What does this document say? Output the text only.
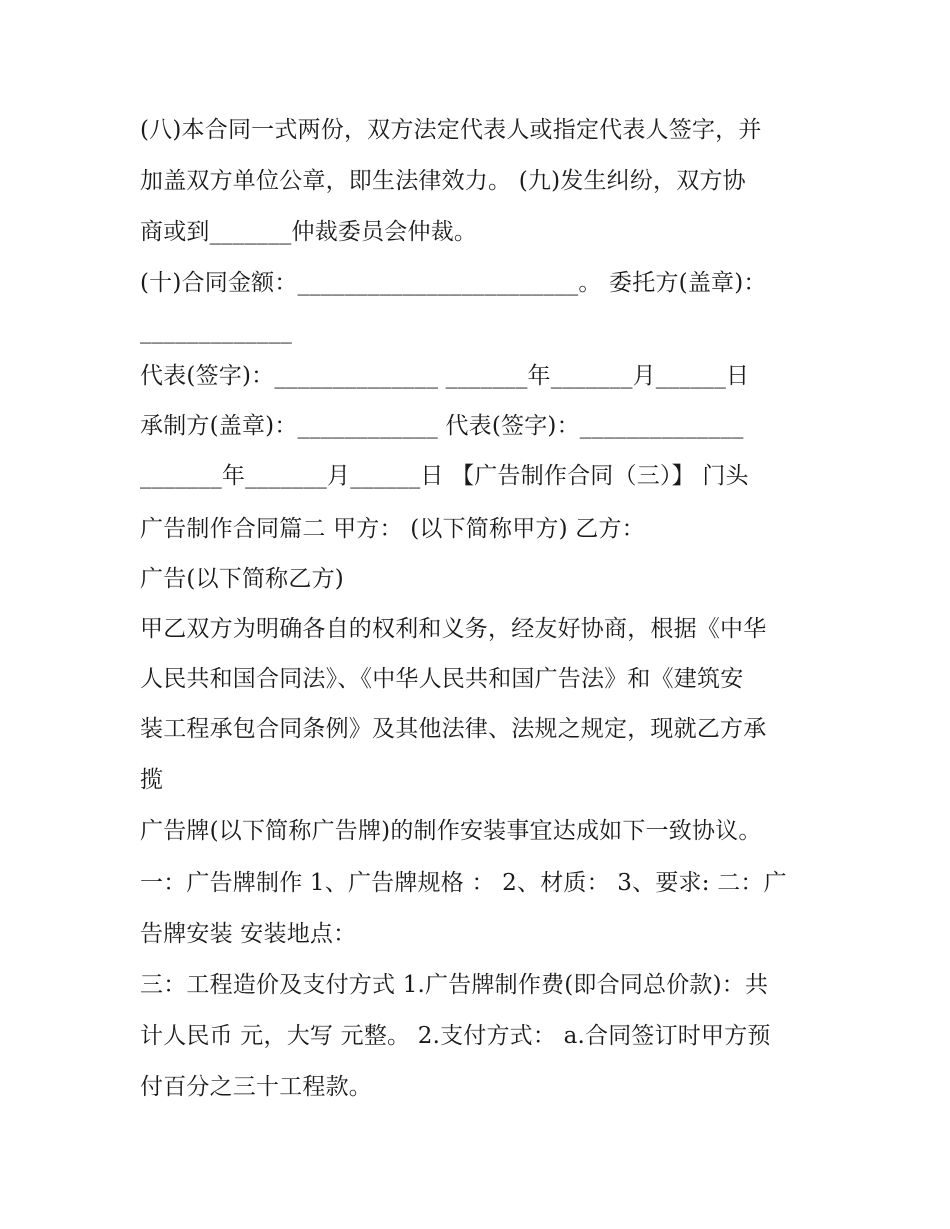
(八)本合同一式两份，双方法定代表人或指定代表人签字，并
加盖双方单位公章，即生法律效力。 (九)发生纠纷，双方协
商或到_______仲裁委员会仲裁。
(十)合同金额：________________________。 委托方(盖章)：
_____________
代表(签字)：______________ _______年_______月______日
承制方(盖章)：____________ 代表(签字)：______________
_______年_______月______日 【广告制作合同（三）】 门头
广告制作合同篇二 甲方： (以下简称甲方) 乙方：
广告(以下简称乙方)
甲乙双方为明确各自的权利和义务，经友好协商，根据《中华
人民共和国合同法》、《中华人民共和国广告法》和《建筑安
装工程承包合同条例》及其他法律、法规之规定，现就乙方承
揽
广告牌(以下简称广告牌)的制作安装事宜达成如下一致协议。
一：广告牌制作 1、广告牌规格 ： 2、材质： 3、要求: 二：广
告牌安装 安装地点：
三：工程造价及支付方式 1.广告牌制作费(即合同总价款)：共
计人民币 元，大写 元整。 2.支付方式： a.合同签订时甲方预
付百分之三十工程款。
